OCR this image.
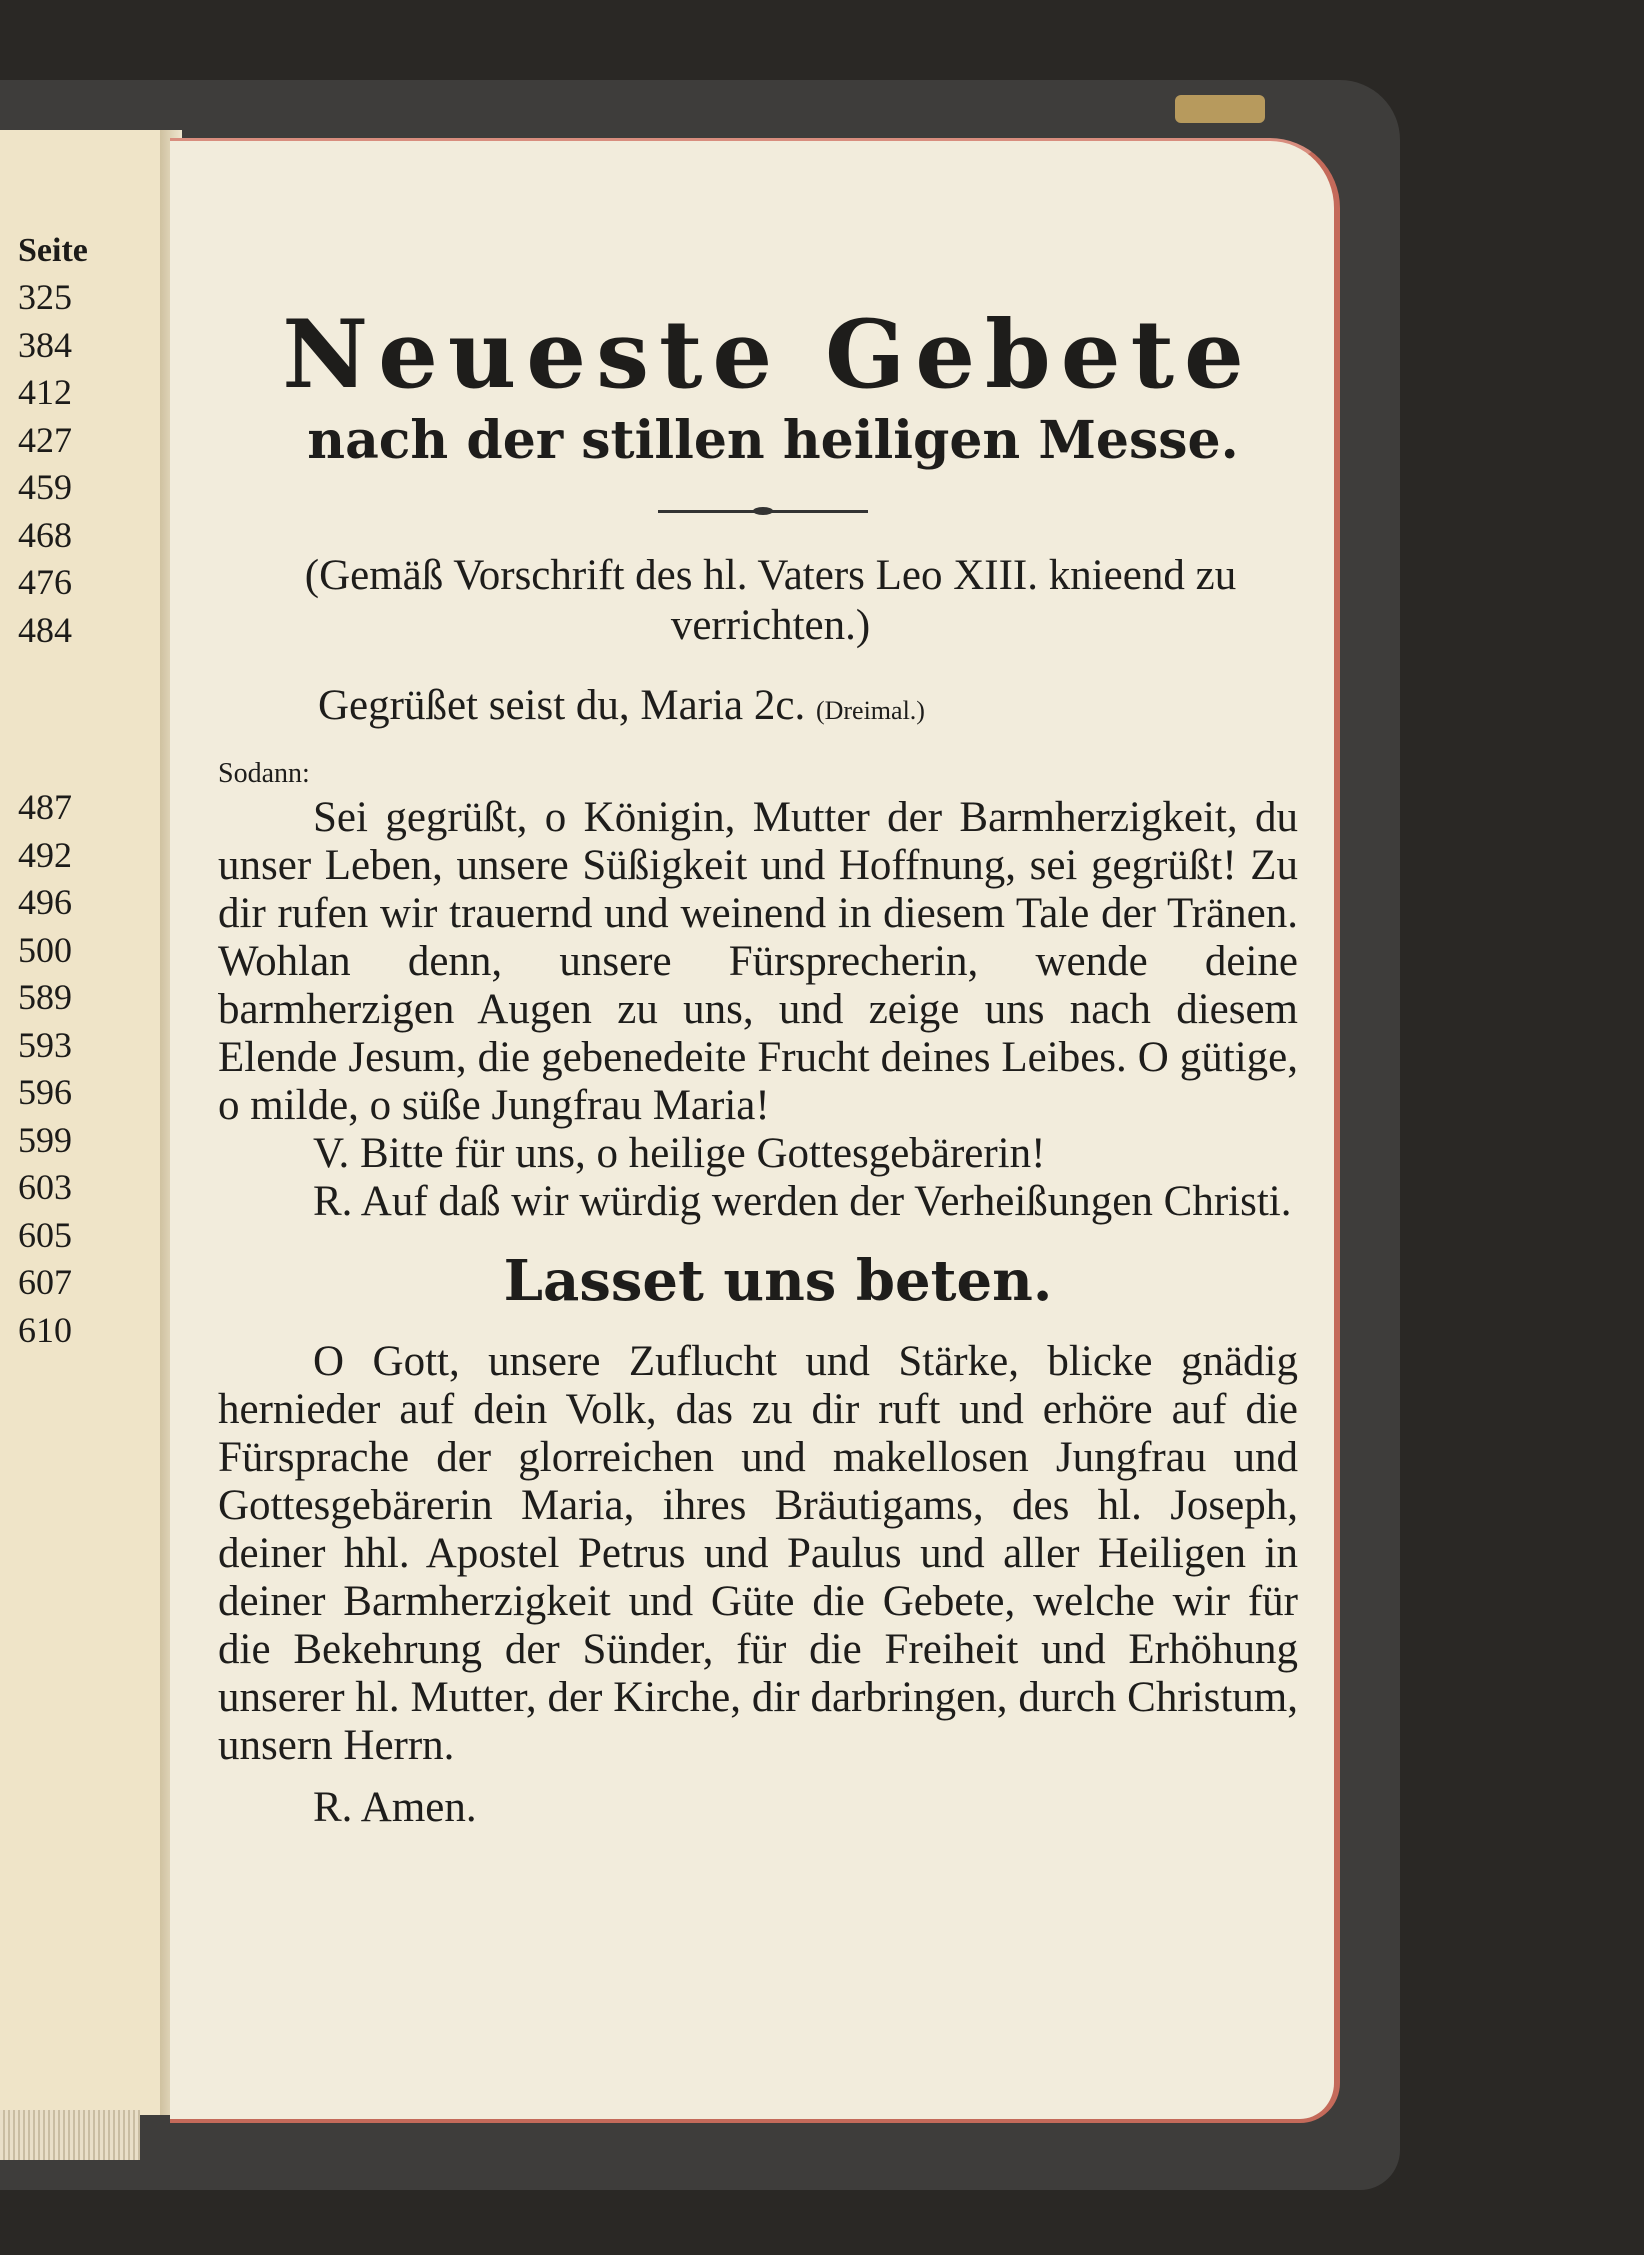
Seite
325
384
412
427
459
468
476
484
487
492
496
500
589
593
596
599
603
605
607
610
Neueste Gebete
nach der stillen heiligen Messe.
(Gemäß Vorschrift des hl. Vaters Leo XIII. knieend zu verrichten.)
Gegrüßet seist du, Maria 2c. (Dreimal.)
Sodann:

Sei gegrüßt, o Königin, Mutter der Barmherzigkeit, du unser Leben, unsere Süßigkeit und Hoffnung, sei gegrüßt! Zu dir rufen wir trauernd und weinend in diesem Tale der Tränen. Wohlan denn, unsere Fürsprecherin, wende deine barmherzigen Augen zu uns, und zeige uns nach diesem Elende Jesum, die gebenedeite Frucht deines Leibes. O gütige, o milde, o süße Jungfrau Maria!

V. Bitte für uns, o heilige Gottesgebärerin!

R. Auf daß wir würdig werden der Verheißungen Christi.

Lasset uns beten.

O Gott, unsere Zuflucht und Stärke, blicke gnädig hernieder auf dein Volk, das zu dir ruft und erhöre auf die Fürsprache der glorreichen und makellosen Jungfrau und Gottesgebärerin Maria, ihres Bräutigams, des hl. Joseph, deiner hhl. Apostel Petrus und Paulus und aller Heiligen in deiner Barmherzigkeit und Güte die Gebete, welche wir für die Bekehrung der Sünder, für die Freiheit und Erhöhung unserer hl. Mutter, der Kirche, dir darbringen, durch Christum, unsern Herrn.

R. Amen.
